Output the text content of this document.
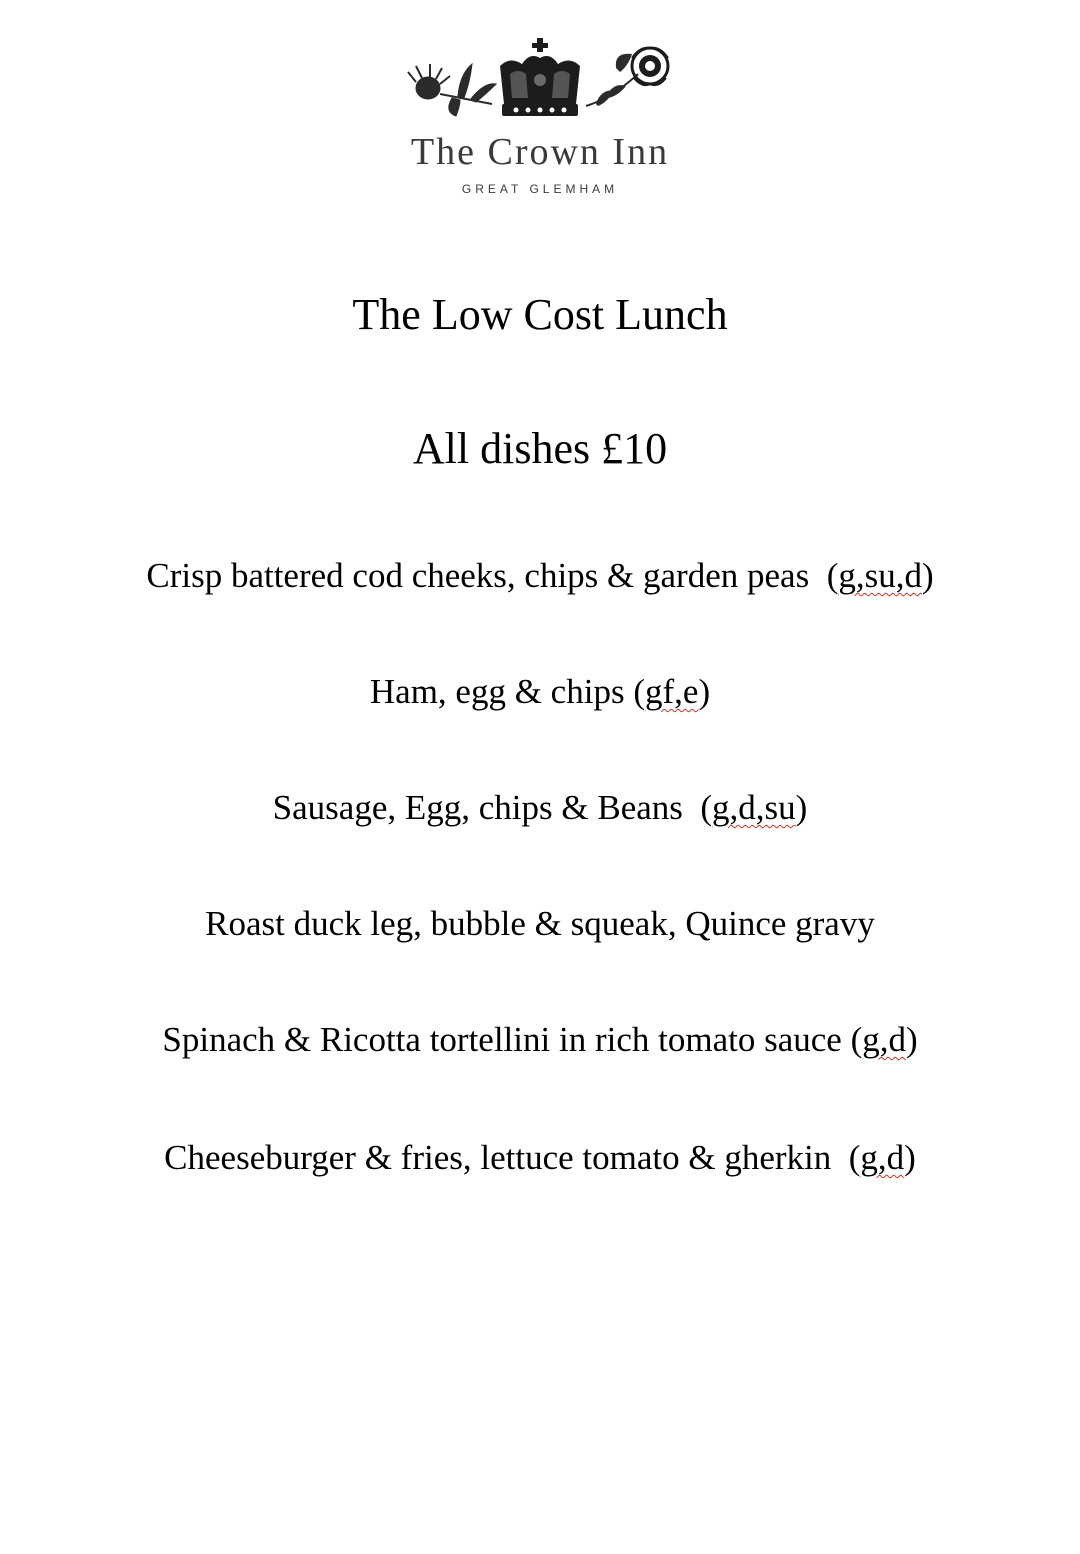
The Crown Inn
GREAT GLEMHAM
The Low Cost Lunch
All dishes £10
Crisp battered cod cheeks, chips & garden peas  (g,su,d)
Ham, egg & chips (gf,e)
Sausage, Egg, chips & Beans  (g,d,su)
Roast duck leg, bubble & squeak, Quince gravy
Spinach & Ricotta tortellini in rich tomato sauce (g,d)
Cheeseburger & fries, lettuce tomato & gherkin  (g,d)
